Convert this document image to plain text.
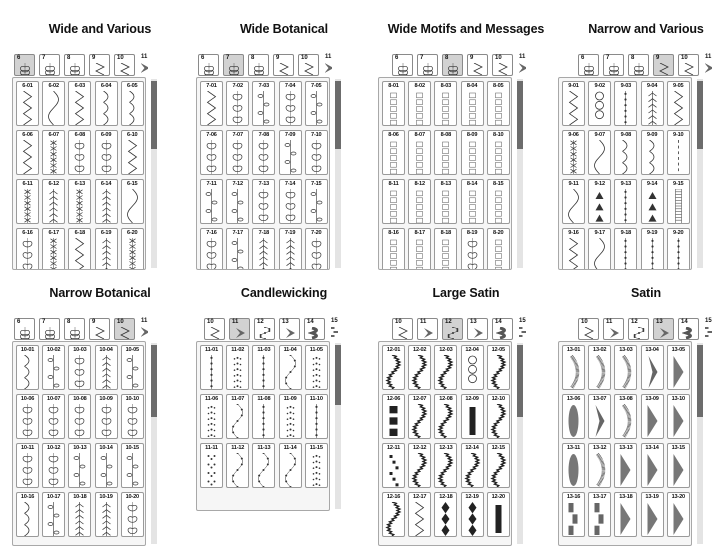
Wide and Various
6	7	8	9	10	11
6-01	6-02	6-03	6-04	6-05
6-06	6-07	6-08	6-09	6-10
6-11	6-12	6-13	6-14	6-15
6-16	6-17	6-18	6-19	6-20
Wide Botanical
6	7	8	9	10	11
7-01	7-02	7-03	7-04	7-05
7-06	7-07	7-08	7-09	7-10
7-11	7-12	7-13	7-14	7-15
7-16	7-17	7-18	7-19	7-20
Wide Motifs and Messages
6	7	8	9	10	11
8-01	8-02	8-03	8-04	8-05
8-06	8-07	8-08	8-09	8-10
8-11	8-12	8-13	8-14	8-15
8-16	8-17	8-18	8-19	8-20
Narrow and Various
6	7	8	9	10	11
9-01	9-02	9-03	9-04	9-05
9-06	9-07	9-08	9-09	9-10
9-11	9-12	9-13	9-14	9-15
9-16	9-17	9-18	9-19	9-20
Narrow Botanical
6	7	8	9	10	11
10-01	10-02	10-03	10-04	10-05
10-06	10-07	10-08	10-09	10-10
10-11	10-12	10-13	10-14	10-15
10-16	10-17	10-18	10-19	10-20
Candlewicking
10	11	12	13	14	15
11-01	11-02	11-03	11-04	11-05
11-06	11-07	11-08	11-09	11-10
11-11	11-12	11-13	11-14	11-15
Large Satin
10	11	12	13	14	15
12-01	12-02	12-03	12-04	12-05
12-06	12-07	12-08	12-09	12-10
12-11	12-12	12-13	12-14	12-15
12-16	12-17	12-18	12-19	12-20
Satin
10	11	12	13	14	15
13-01	13-02	13-03	13-04	13-05
13-06	13-07	13-08	13-09	13-10
13-11	13-12	13-13	13-14	13-15
13-16	13-17	13-18	13-19	13-20
